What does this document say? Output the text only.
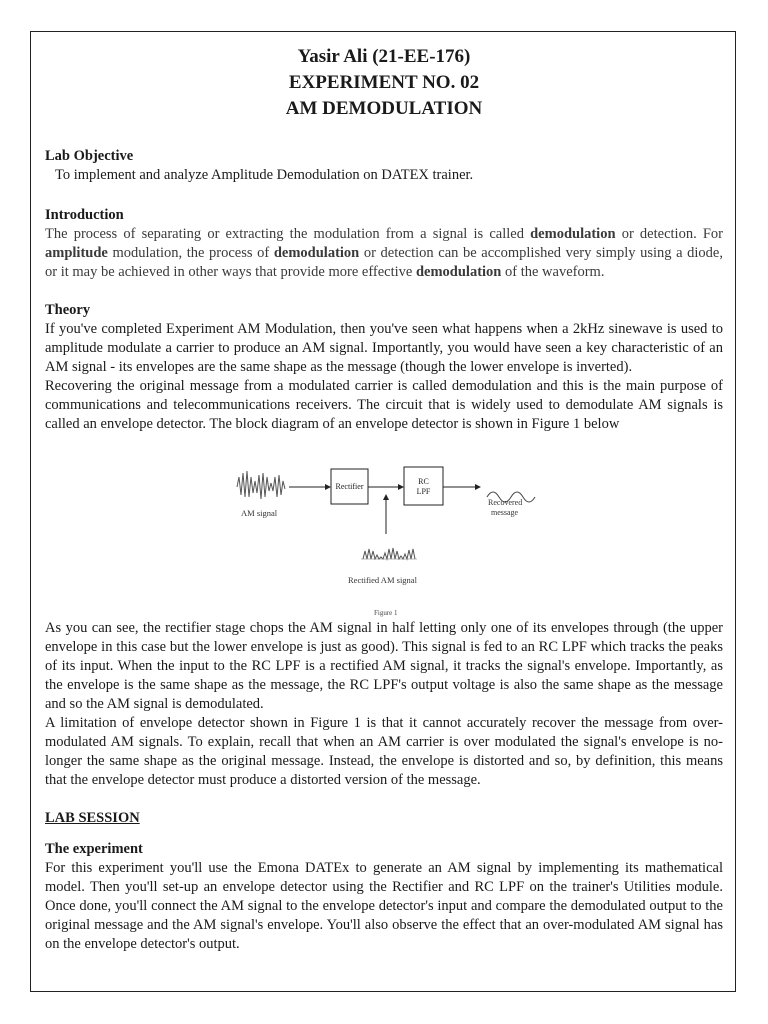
Yasir Ali (21-EE-176)
EXPERIMENT NO. 02
AM DEMODULATION
Lab Objective

To implement and analyze Amplitude Demodulation on DATEX trainer.

Introduction

The process of separating or extracting the modulation from a signal is called demodulation or detection. For amplitude modulation, the process of demodulation or detection can be accomplished very simply using a diode, or it may be achieved in other ways that provide more effective demodulation of the waveform.

Theory

If you've completed Experiment AM Modulation, then you've seen what happens when a 2kHz sinewave is used to amplitude modulate a carrier to produce an AM signal. Importantly, you would have seen a key characteristic of an AM signal - its envelopes are the same shape as the message (though the lower envelope is inverted).

Recovering the original message from a modulated carrier is called demodulation and this is the main purpose of communications and telecommunications receivers. The circuit that is widely used to demodulate AM signals is called an envelope detector. The block diagram of an envelope detector is shown in Figure 1 below

AM signal
Rectifier
RC
LPF
Recovered
message
Rectified AM signal
Figure 1

As you can see, the rectifier stage chops the AM signal in half letting only one of its envelopes through (the upper envelope in this case but the lower envelope is just as good). This signal is fed to an RC LPF which tracks the peaks of its input. When the input to the RC LPF is a rectified AM signal, it tracks the signal's envelope. Importantly, as the envelope is the same shape as the message, the RC LPF's output voltage is also the same shape as the message and so the AM signal is demodulated.

A limitation of envelope detector shown in Figure 1 is that it cannot accurately recover the message from over-modulated AM signals. To explain, recall that when an AM carrier is over modulated the signal's envelope is no-longer the same shape as the original message. Instead, the envelope is distorted and so, by definition, this means that the envelope detector must produce a distorted version of the message.

LAB SESSION
The experiment

For this experiment you'll use the Emona DATEx to generate an AM signal by implementing its mathematical model. Then you'll set-up an envelope detector using the Rectifier and RC LPF on the trainer's Utilities module. Once done, you'll connect the AM signal to the envelope detector's input and compare the demodulated output to the original message and the AM signal's envelope. You'll also observe the effect that an over-modulated AM signal has on the envelope detector's output.
